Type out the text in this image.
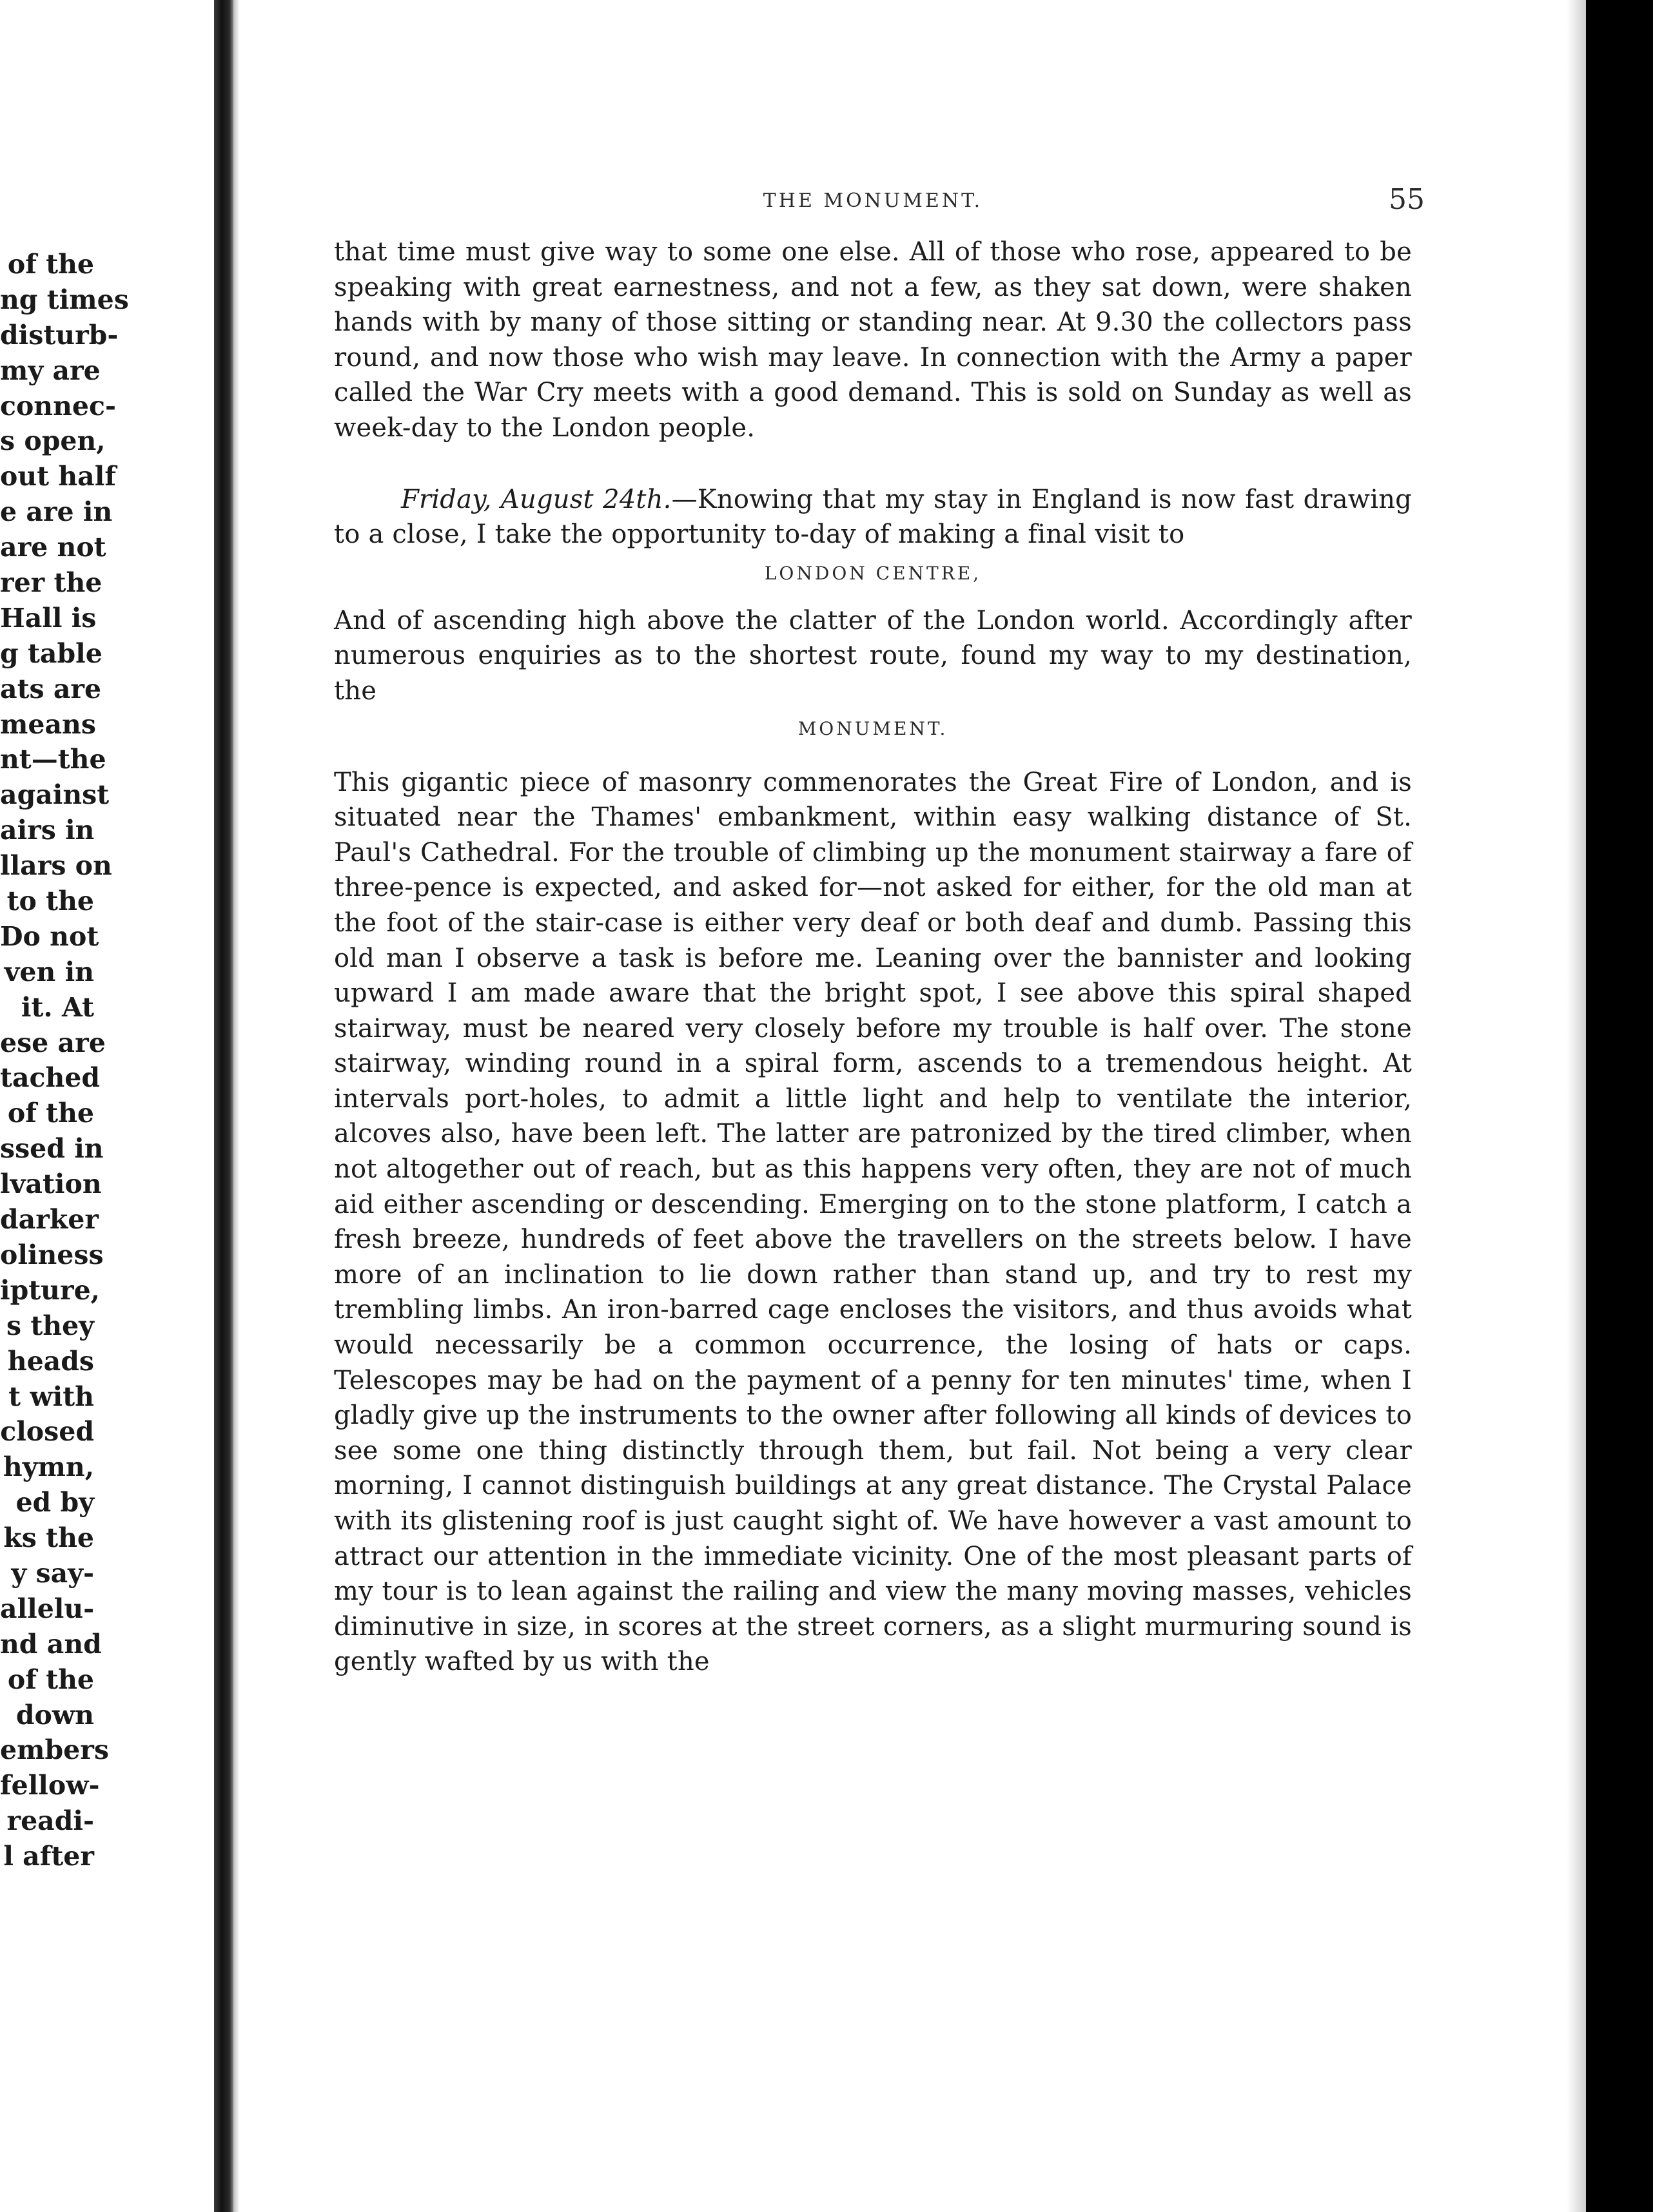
of the
ng times
disturb-
my are
connec-
s open,
out half
e are in
are not
rer the
Hall is
g table
ats are
means
nt—the
against
airs in
llars on
to the
Do not
ven in
it. At
ese are
tached
of the
ssed in
lvation
darker
oliness
ipture,
s they
heads
t with
closed
hymn,
ed by
ks the
y say-
allelu-
nd and
of the
down
embers
fellow-
readi-
l after
THE MONUMENT.	55

that time must give way to some one else. All of those who rose, appeared to be speaking with great earnestness, and not a few, as they sat down, were shaken hands with by many of those sitting or standing near. At 9.30 the collectors pass round, and now those who wish may leave. In connection with the Army a paper called the War Cry meets with a good demand. This is sold on Sunday as well as week-day to the London people.

Friday, August 24th.—Knowing that my stay in England is now fast drawing to a close, I take the opportunity to-day of making a final visit to

LONDON CENTRE,

And of ascending high above the clatter of the London world. Accordingly after numerous enquiries as to the shortest route, found my way to my destination, the

MONUMENT.

This gigantic piece of masonry commenorates the Great Fire of London, and is situated near the Thames' embankment, within easy walking distance of St. Paul's Cathedral. For the trouble of climbing up the monument stairway a fare of three-pence is expected, and asked for—not asked for either, for the old man at the foot of the stair-case is either very deaf or both deaf and dumb. Passing this old man I observe a task is before me. Leaning over the bannister and looking upward I am made aware that the bright spot, I see above this spiral shaped stairway, must be neared very closely before my trouble is half over. The stone stairway, winding round in a spiral form, ascends to a tremendous height. At intervals port-holes, to admit a little light and help to ventilate the interior, alcoves also, have been left. The latter are patronized by the tired climber, when not altogether out of reach, but as this happens very often, they are not of much aid either ascending or descending. Emerging on to the stone platform, I catch a fresh breeze, hundreds of feet above the travellers on the streets below. I have more of an inclination to lie down rather than stand up, and try to rest my trembling limbs. An iron-barred cage encloses the visitors, and thus avoids what would necessarily be a common occurrence, the losing of hats or caps. Telescopes may be had on the payment of a penny for ten minutes' time, when I gladly give up the instruments to the owner after following all kinds of devices to see some one thing distinctly through them, but fail. Not being a very clear morning, I cannot distinguish buildings at any great distance. The Crystal Palace with its glistening roof is just caught sight of. We have however a vast amount to attract our attention in the immediate vicinity. One of the most pleasant parts of my tour is to lean against the railing and view the many moving masses, vehicles diminutive in size, in scores at the street corners, as a slight murmuring sound is gently wafted by us with the
